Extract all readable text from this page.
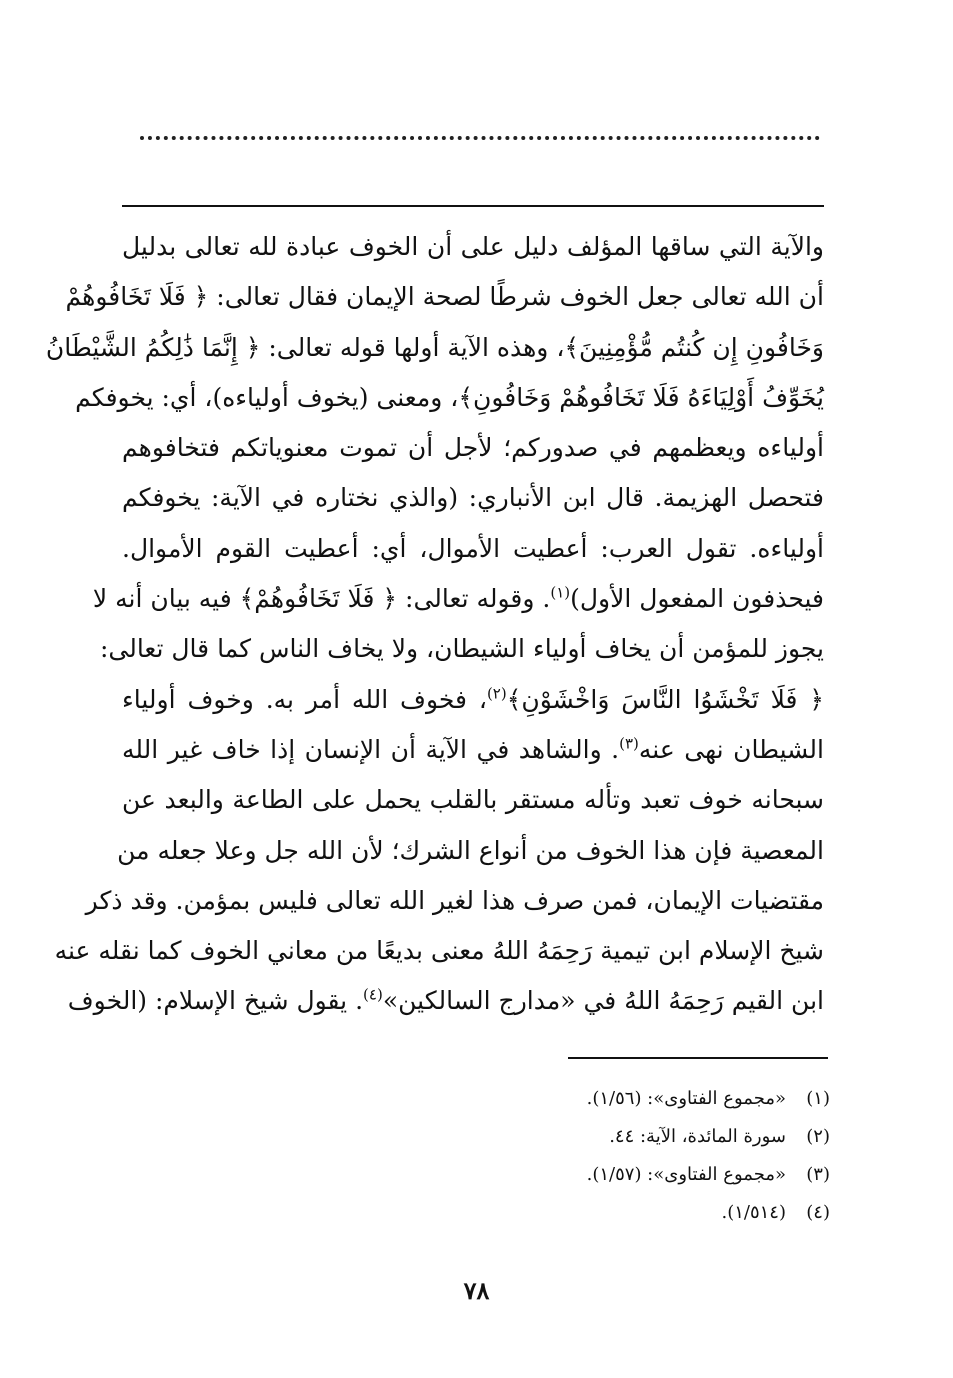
والآية التي ساقها المؤلف دليل على أن الخوف عبادة لله تعالى بدليل
أن الله تعالى جعل الخوف شرطًا لصحة الإيمان فقال تعالى: ﴿ فَلَا تَخَافُوهُمْ
وَخَافُونِ إِن كُنتُم مُّؤْمِنِينَ﴾، وهذه الآية أولها قوله تعالى: ﴿ إِنَّمَا ذَٰلِكُمُ الشَّيْطَانُ
يُخَوِّفُ أَوْلِيَاءَهُ فَلَا تَخَافُوهُمْ وَخَافُونِ﴾، ومعنى (يخوف أولياءه)، أي: يخوفكم
أولياءه ويعظمهم في صدوركم؛ لأجل أن تموت معنوياتكم فتخافوهم
فتحصل الهزيمة. قال ابن الأنباري: (والذي نختاره في الآية: يخوفكم
أولياءه. تقول العرب: أعطيت الأموال، أي: أعطيت القوم الأموال.
فيحذفون المفعول الأول)$^{(١)}$. وقوله تعالى: ﴿ فَلَا تَخَافُوهُمْ﴾ فيه بيان أنه لا
يجوز للمؤمن أن يخاف أولياء الشيطان، ولا يخاف الناس كما قال تعالى:
﴿ فَلَا تَخْشَوُا النَّاسَ وَاخْشَوْنِ﴾$^{(٢)}$، فخوف الله أمر به. وخوف أولياء
الشيطان نهى عنه$^{(٣)}$. والشاهد في الآية أن الإنسان إذا خاف غير الله
سبحانه خوف تعبد وتأله مستقر بالقلب يحمل على الطاعة والبعد عن
المعصية فإن هذا الخوف من أنواع الشرك؛ لأن الله جل وعلا جعله من
مقتضيات الإيمان، فمن صرف هذا لغير الله تعالى فليس بمؤمن. وقد ذكر
شيخ الإسلام ابن تيمية رَحِمَهُ اللهُ معنى بديعًا من معاني الخوف كما نقله عنه
ابن القيم رَحِمَهُ اللهُ في «مدارج السالكين»$^{(٤)}$. يقول شيخ الإسلام: (الخوف
(١)
«مجموع الفتاوى»: (١/٥٦).
(٢)
سورة المائدة، الآية: ٤٤.
(٣)
«مجموع الفتاوى»: (١/٥٧).
(٤)
(١/٥١٤).
٧٨
